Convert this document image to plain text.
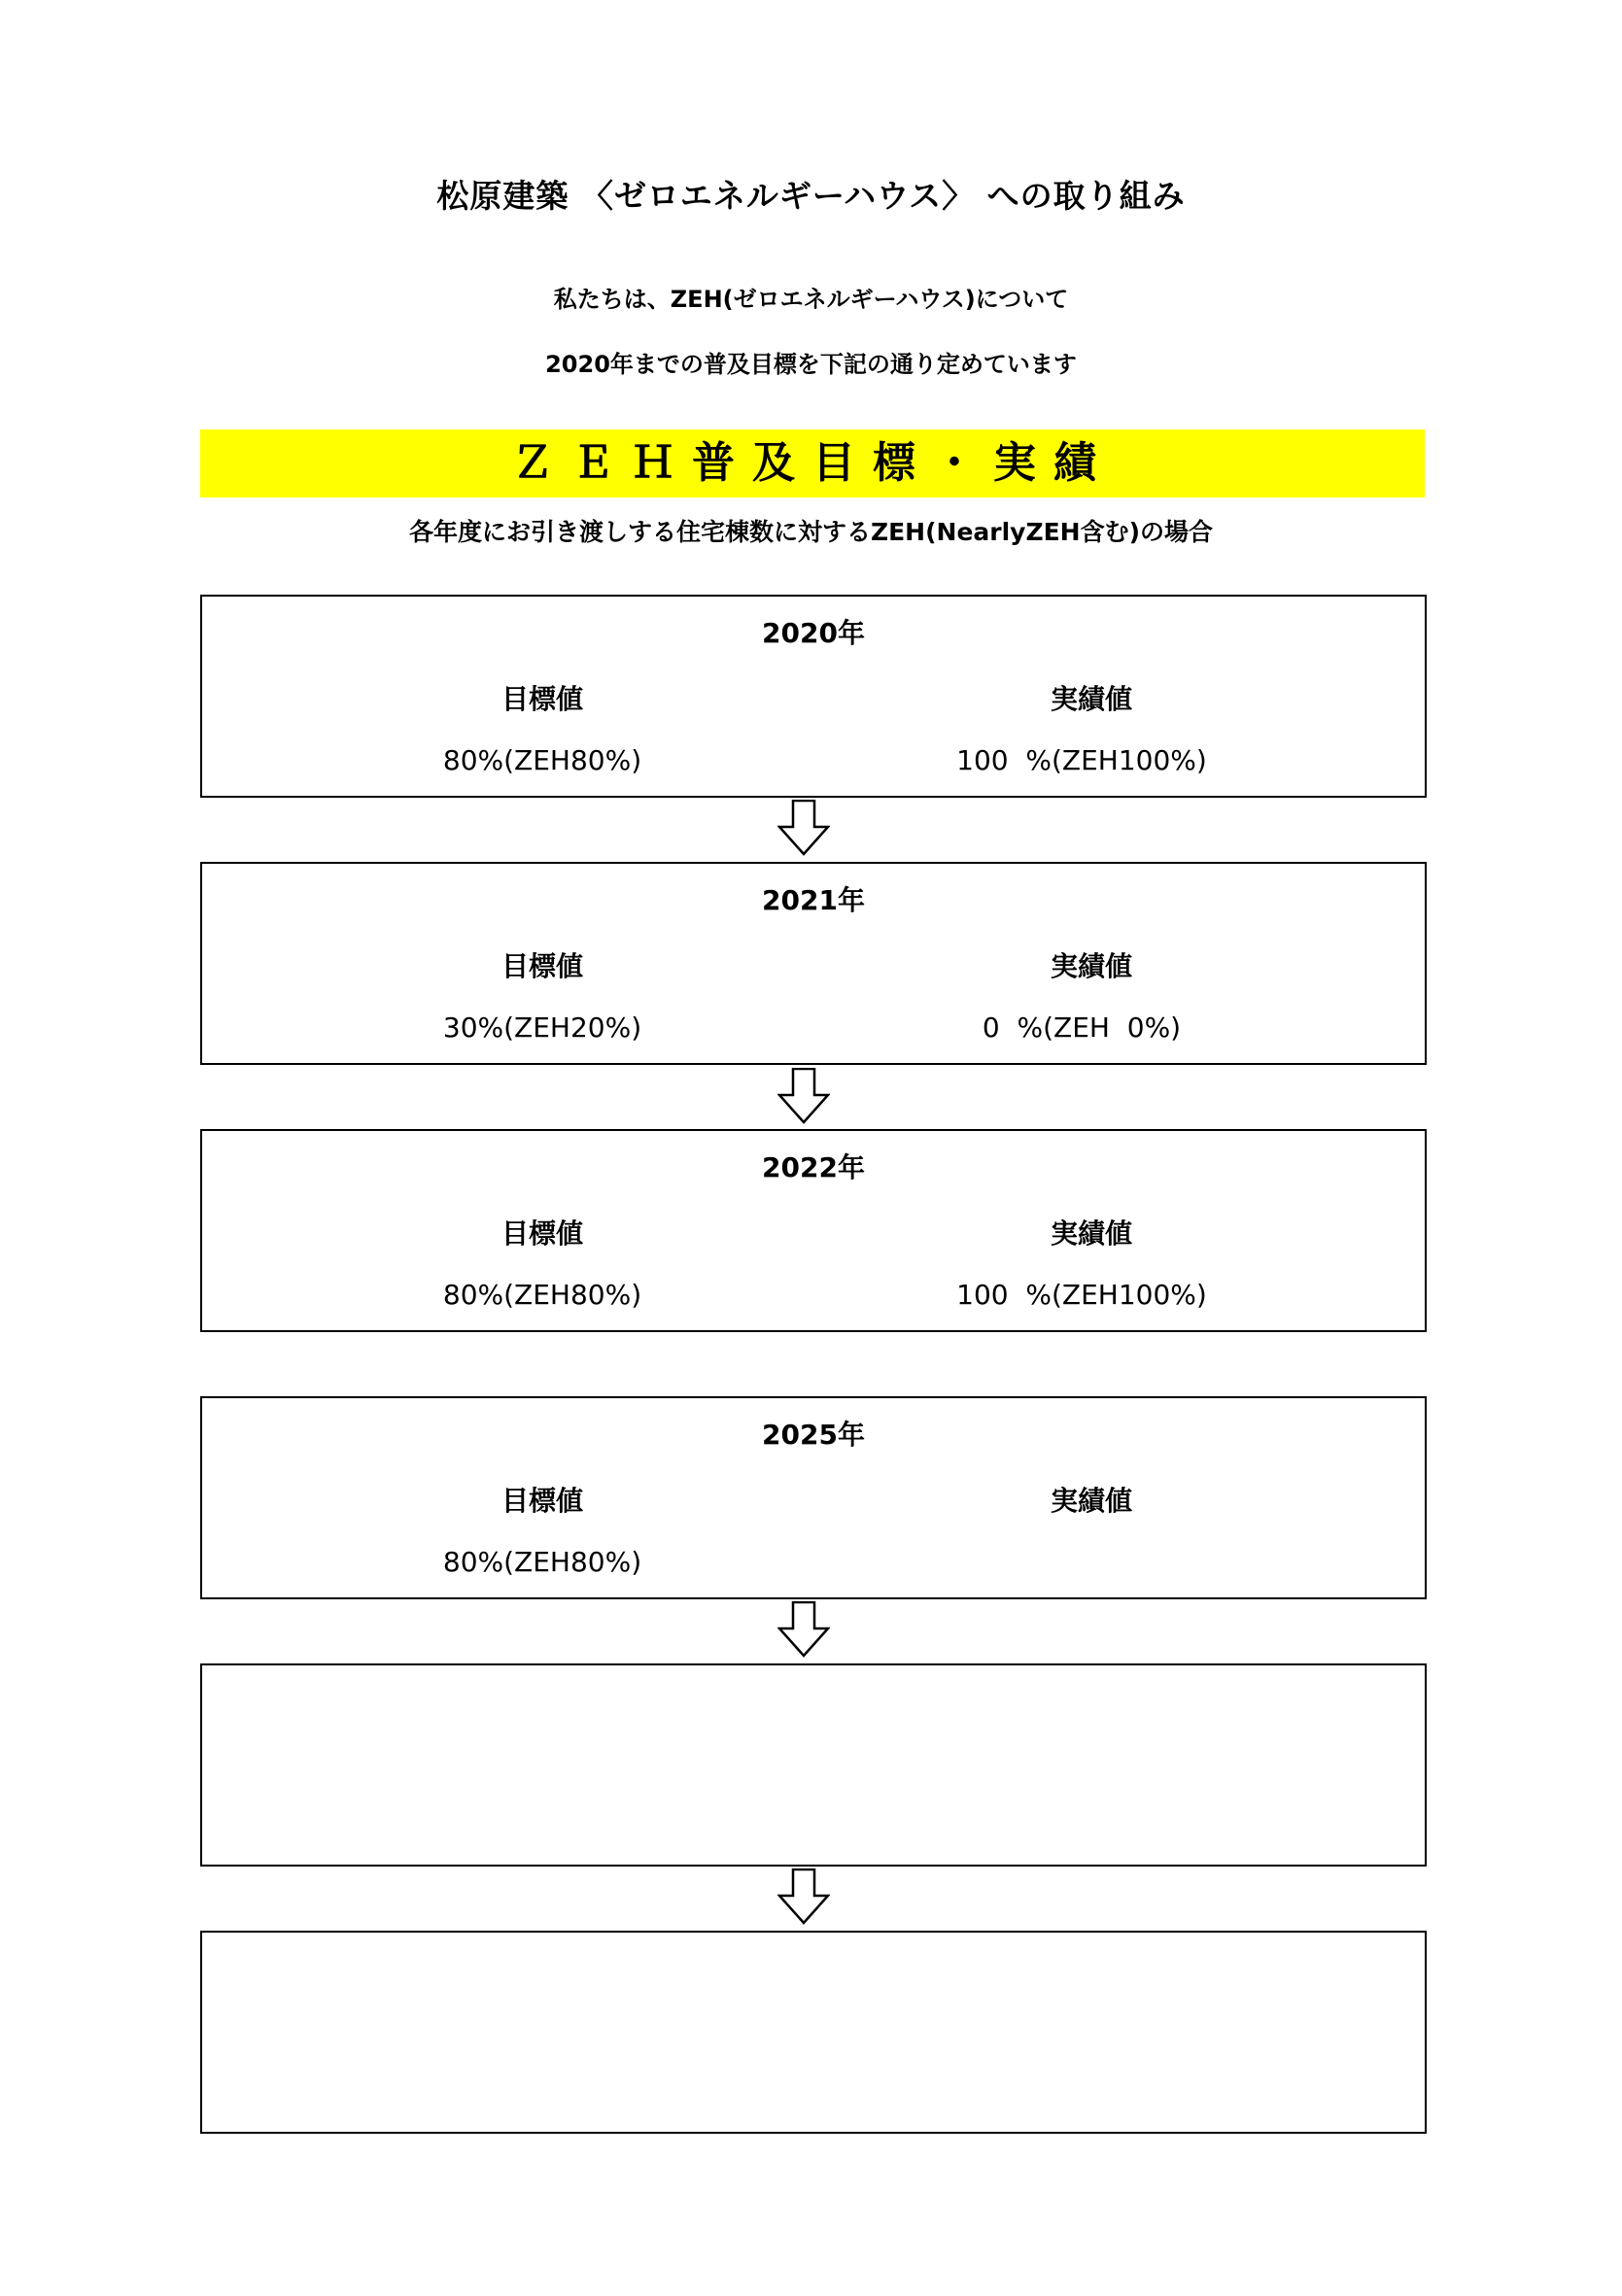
松原建築 〈ゼロエネルギーハウス〉 への取り組み
私たちは、ZEH(ゼロエネルギーハウス)について
2020年までの普及目標を下記の通り定めています
ＺＥＨ普及目標・実績
各年度にお引き渡しする住宅棟数に対するZEH(NearlyZEH含む)の場合
2020年
目標値	実績値
80%(ZEH80%)	100  %(ZEH100%)
2021年
目標値	実績値
30%(ZEH20%)	0  %(ZEH  0%)
2022年
目標値	実績値
80%(ZEH80%)	100  %(ZEH100%)
2025年
目標値	実績値
80%(ZEH80%)
